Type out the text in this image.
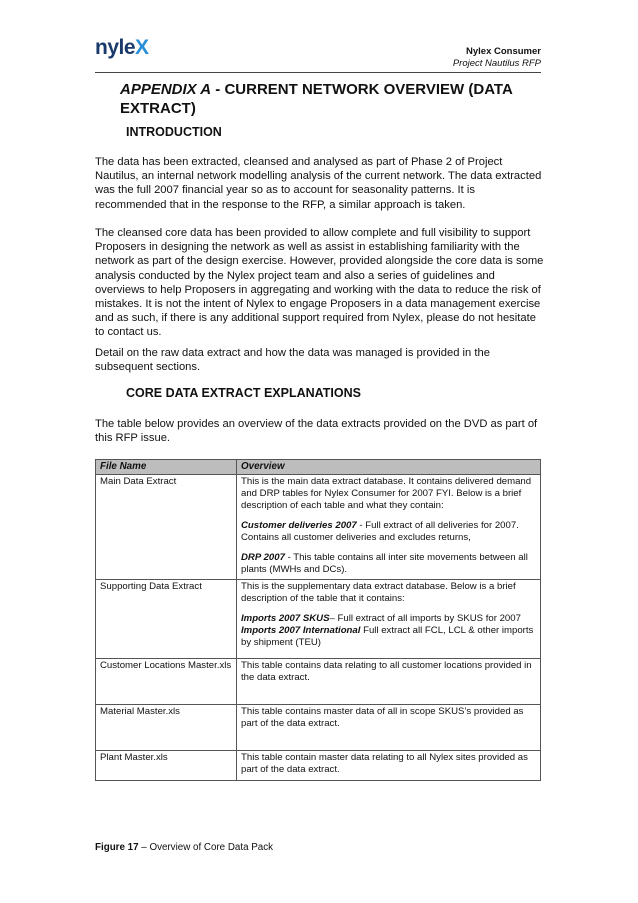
nyleX	Nylex Consumer
Project Nautilus RFP
APPENDIX A - CURRENT NETWORK OVERVIEW (DATA EXTRACT)
INTRODUCTION
The data has been extracted, cleansed and analysed as part of Phase 2 of Project Nautilus, an internal network modelling analysis of the current network. The data extracted was the full 2007 financial year so as to account for seasonality patterns. It is recommended that in the response to the RFP, a similar approach is taken.
The cleansed core data has been provided to allow complete and full visibility to support Proposers in designing the network as well as assist in establishing familiarity with the network as part of the design exercise. However, provided alongside the core data is some analysis conducted by the Nylex project team and also a series of guidelines and overviews to help Proposers in aggregating and working with the data to reduce the risk of mistakes. It is not the intent of Nylex to engage Proposers in a data management exercise and as such, if there is any additional support required from Nylex, please do not hesitate to contact us.
Detail on the raw data extract and how the data was managed is provided in the subsequent sections.
CORE DATA EXTRACT EXPLANATIONS
The table below provides an overview of the data extracts provided on the DVD as part of this RFP issue.
File Name	Overview
Main Data Extract	This is the main data extract database. It contains delivered demand and DRP tables for Nylex Consumer for 2007 FYI. Below is a brief description of each table and what they contain:
Customer deliveries 2007 - Full extract of all deliveries for 2007. Contains all customer deliveries and excludes returns,
DRP 2007 - This table contains all inter site movements between all plants (MWHs and DCs).

Supporting Data Extract	This is the supplementary data extract database. Below is a brief description of the table that it contains:
Imports 2007 SKUS– Full extract of all imports by SKUS for 2007
Imports 2007 International Full extract all FCL, LCL & other imports by shipment (TEU)

Customer Locations Master.xls	This table contains data relating to all customer locations provided in the data extract.
Material Master.xls	This table contains master data of all in scope SKUS’s provided as part of the data extract.
Plant Master.xls	This table contain master data relating to all Nylex sites provided as part of the data extract.
Figure 17 – Overview of Core Data Pack
